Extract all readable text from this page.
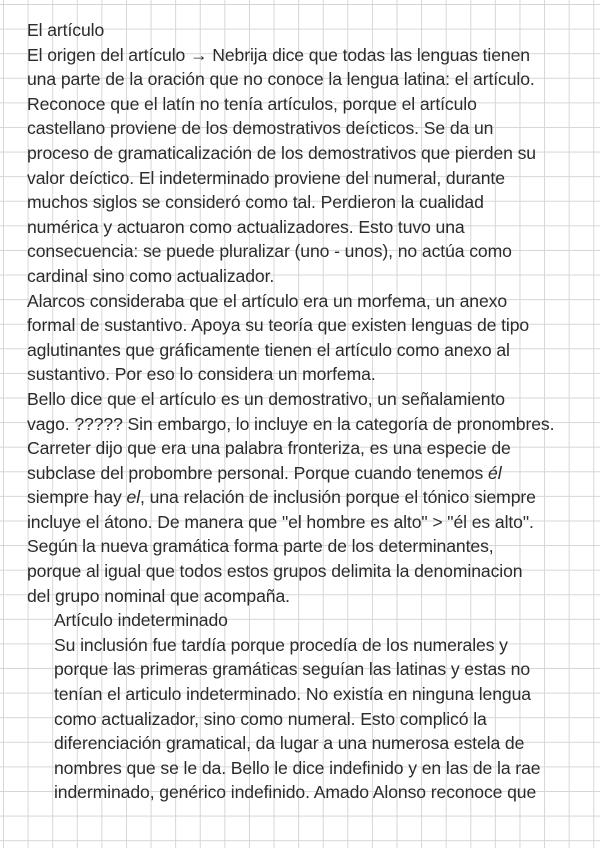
El artículo
El origen del artículo → Nebrija dice que todas las lenguas tienen
una parte de la oración que no conoce la lengua latina: el artículo.
Reconoce que el latín no tenía artículos, porque el artículo
castellano proviene de los demostrativos deícticos. Se da un
proceso de gramaticalización de los demostrativos que pierden su
valor deíctico. El indeterminado proviene del numeral, durante
muchos siglos se consideró como tal. Perdieron la cualidad
numérica y actuaron como actualizadores. Esto tuvo una
consecuencia: se puede pluralizar (uno - unos), no actúa como
cardinal sino como actualizador.
Alarcos consideraba que el artículo era un morfema, un anexo
formal de sustantivo. Apoya su teoría que existen lenguas de tipo
aglutinantes que gráficamente tienen el artículo como anexo al
sustantivo. Por eso lo considera un morfema.
Bello dice que el artículo es un demostrativo, un señalamiento
vago. ????? Sin embargo, lo incluye en la categoría de pronombres.
Carreter dijo que era una palabra fronteriza, es una especie de
subclase del probombre personal. Porque cuando tenemos él
siempre hay el, una relación de inclusión porque el tónico siempre
incluye el átono. De manera que "el hombre es alto" > "él es alto".
Según la nueva gramática forma parte de los determinantes,
porque al igual que todos estos grupos delimita la denominacion
del grupo nominal que acompaña.
Artículo indeterminado
Su inclusión fue tardía porque procedía de los numerales y
porque las primeras gramáticas seguían las latinas y estas no
tenían el articulo indeterminado. No existía en ninguna lengua
como actualizador, sino como numeral. Esto complicó la
diferenciación gramatical, da lugar a una numerosa estela de
nombres que se le da. Bello le dice indefinido y en las de la rae
inderminado, genérico indefinido. Amado Alonso reconoce que
